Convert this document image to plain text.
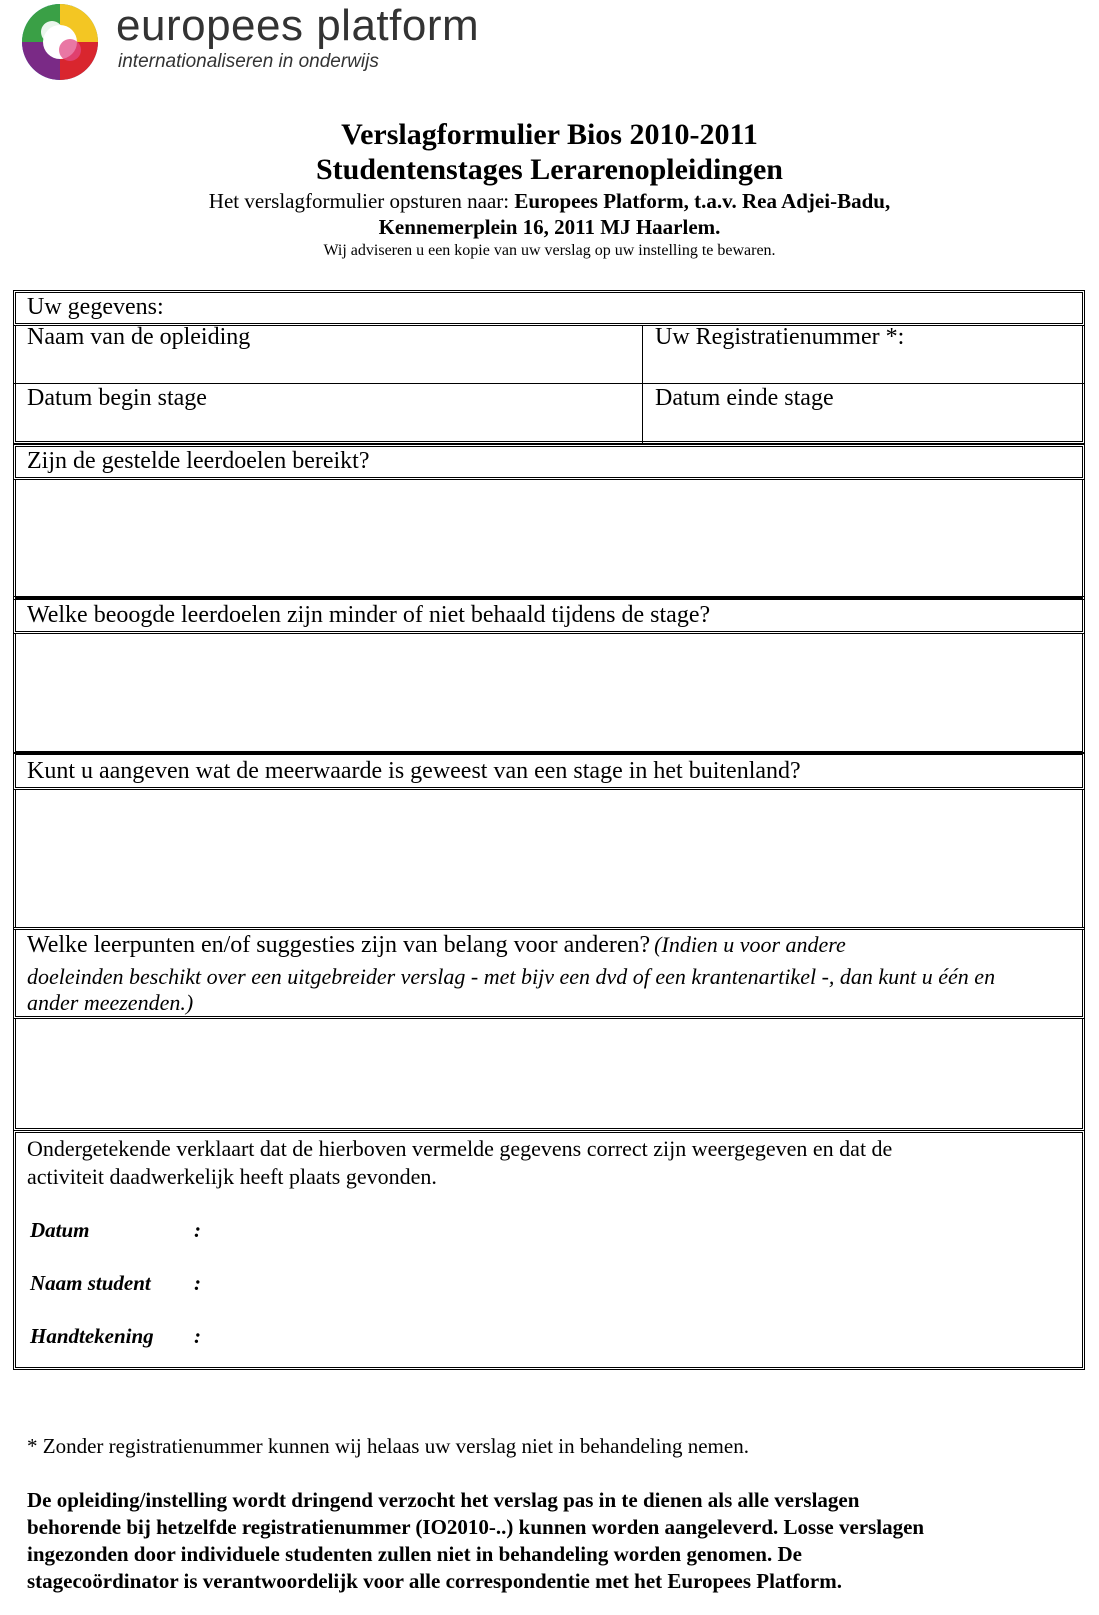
europees platform
internationaliseren in onderwijs
Verslagformulier Bios 2010-2011
Studentenstages Lerarenopleidingen
Het verslagformulier opsturen naar: Europees Platform, t.a.v. Rea Adjei-Badu,
Kennemerplein 16, 2011 MJ Haarlem.
Wij adviseren u een kopie van uw verslag op uw instelling te bewaren.
Uw gegevens:
Naam van de opleiding	Uw Registratienummer *:
Datum begin stage	Datum einde stage
Zijn de gestelde leerdoelen bereikt?
Welke beoogde leerdoelen zijn minder of niet behaald tijdens de stage?
Kunt u aangeven wat de meerwaarde is geweest van een stage in het buitenland?
Welke leerpunten en/of suggesties zijn van belang voor anderen? (Indien u voor andere
doeleinden beschikt over een uitgebreider verslag - met bijv een dvd of een krantenartikel -, dan kunt u één en
ander meezenden.)
Ondergetekende verklaart dat de hierboven vermelde gegevens correct zijn weergegeven en dat de
activiteit daadwerkelijk heeft plaats gevonden.
Datum	:
Naam student :
Handtekening :
* Zonder registratienummer kunnen wij helaas uw verslag niet in behandeling nemen.
De opleiding/instelling wordt dringend verzocht het verslag pas in te dienen als alle verslagen
behorende bij hetzelfde registratienummer (IO2010-..) kunnen worden aangeleverd. Losse verslagen
ingezonden door individuele studenten zullen niet in behandeling worden genomen. De
stagecoördinator is verantwoordelijk voor alle correspondentie met het Europees Platform.
